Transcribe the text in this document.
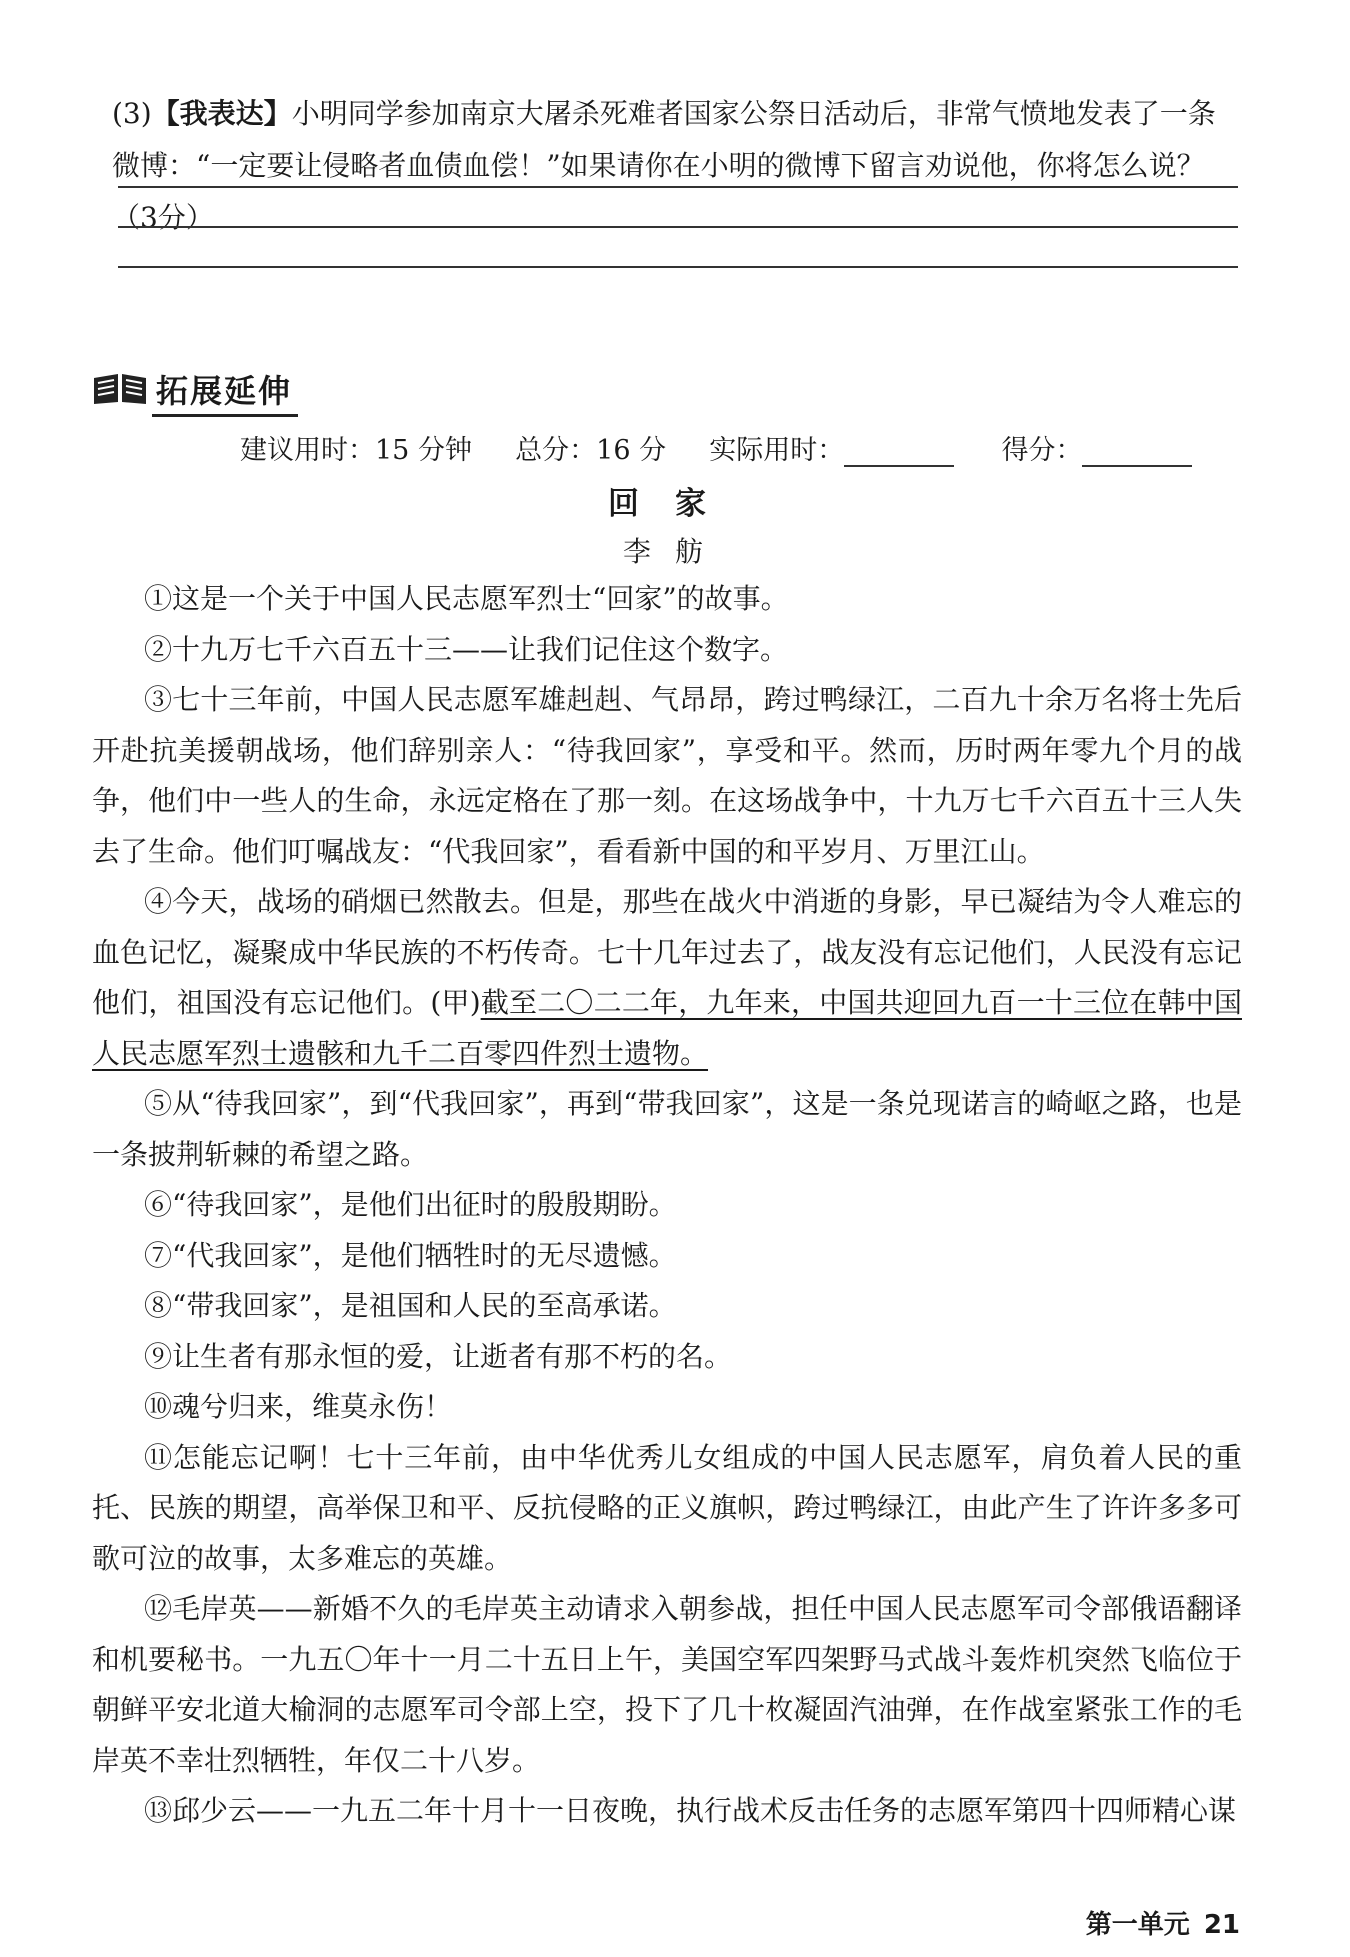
(3)【我表达】小明同学参加南京大屠杀死难者国家公祭日活动后，非常气愤地发表了一条微博：“一定要让侵略者血债血偿！”如果请你在小明的微博下留言劝说他，你将怎么说？（3分）
拓展延伸
建议用时：15 分钟 总分：16 分 实际用时：	得分：
回家
李舫

①这是一个关于中国人民志愿军烈士“回家”的故事。

②十九万七千六百五十三——让我们记住这个数字。

③七十三年前，中国人民志愿军雄赳赳、气昂昂，跨过鸭绿江，二百九十余万名将士先后开赴抗美援朝战场，他们辞别亲人：“待我回家”，享受和平。然而，历时两年零九个月的战争，他们中一些人的生命，永远定格在了那一刻。在这场战争中，十九万七千六百五十三人失去了生命。他们叮嘱战友：“代我回家”，看看新中国的和平岁月、万里江山。

④今天，战场的硝烟已然散去。但是，那些在战火中消逝的身影，早已凝结为令人难忘的血色记忆，凝聚成中华民族的不朽传奇。七十几年过去了，战友没有忘记他们，人民没有忘记他们，祖国没有忘记他们。(甲)截至二〇二二年，九年来，中国共迎回九百一十三位在韩中国人民志愿军烈士遗骸和九千二百零四件烈士遗物。

⑤从“待我回家”，到“代我回家”，再到“带我回家”，这是一条兑现诺言的崎岖之路，也是一条披荆斩棘的希望之路。

⑥“待我回家”，是他们出征时的殷殷期盼。

⑦“代我回家”，是他们牺牲时的无尽遗憾。

⑧“带我回家”，是祖国和人民的至高承诺。

⑨让生者有那永恒的爱，让逝者有那不朽的名。

⑩魂兮归来，维莫永伤！

⑪怎能忘记啊！七十三年前，由中华优秀儿女组成的中国人民志愿军，肩负着人民的重托、民族的期望，高举保卫和平、反抗侵略的正义旗帜，跨过鸭绿江，由此产生了许许多多可歌可泣的故事，太多难忘的英雄。

⑫毛岸英——新婚不久的毛岸英主动请求入朝参战，担任中国人民志愿军司令部俄语翻译和机要秘书。一九五〇年十一月二十五日上午，美国空军四架野马式战斗轰炸机突然飞临位于朝鲜平安北道大榆洞的志愿军司令部上空，投下了几十枚凝固汽油弹，在作战室紧张工作的毛岸英不幸壮烈牺牲，年仅二十八岁。

⑬邱少云——一九五二年十月十一日夜晚，执行战术反击任务的志愿军第四十四师精心谋

第一单元 21
